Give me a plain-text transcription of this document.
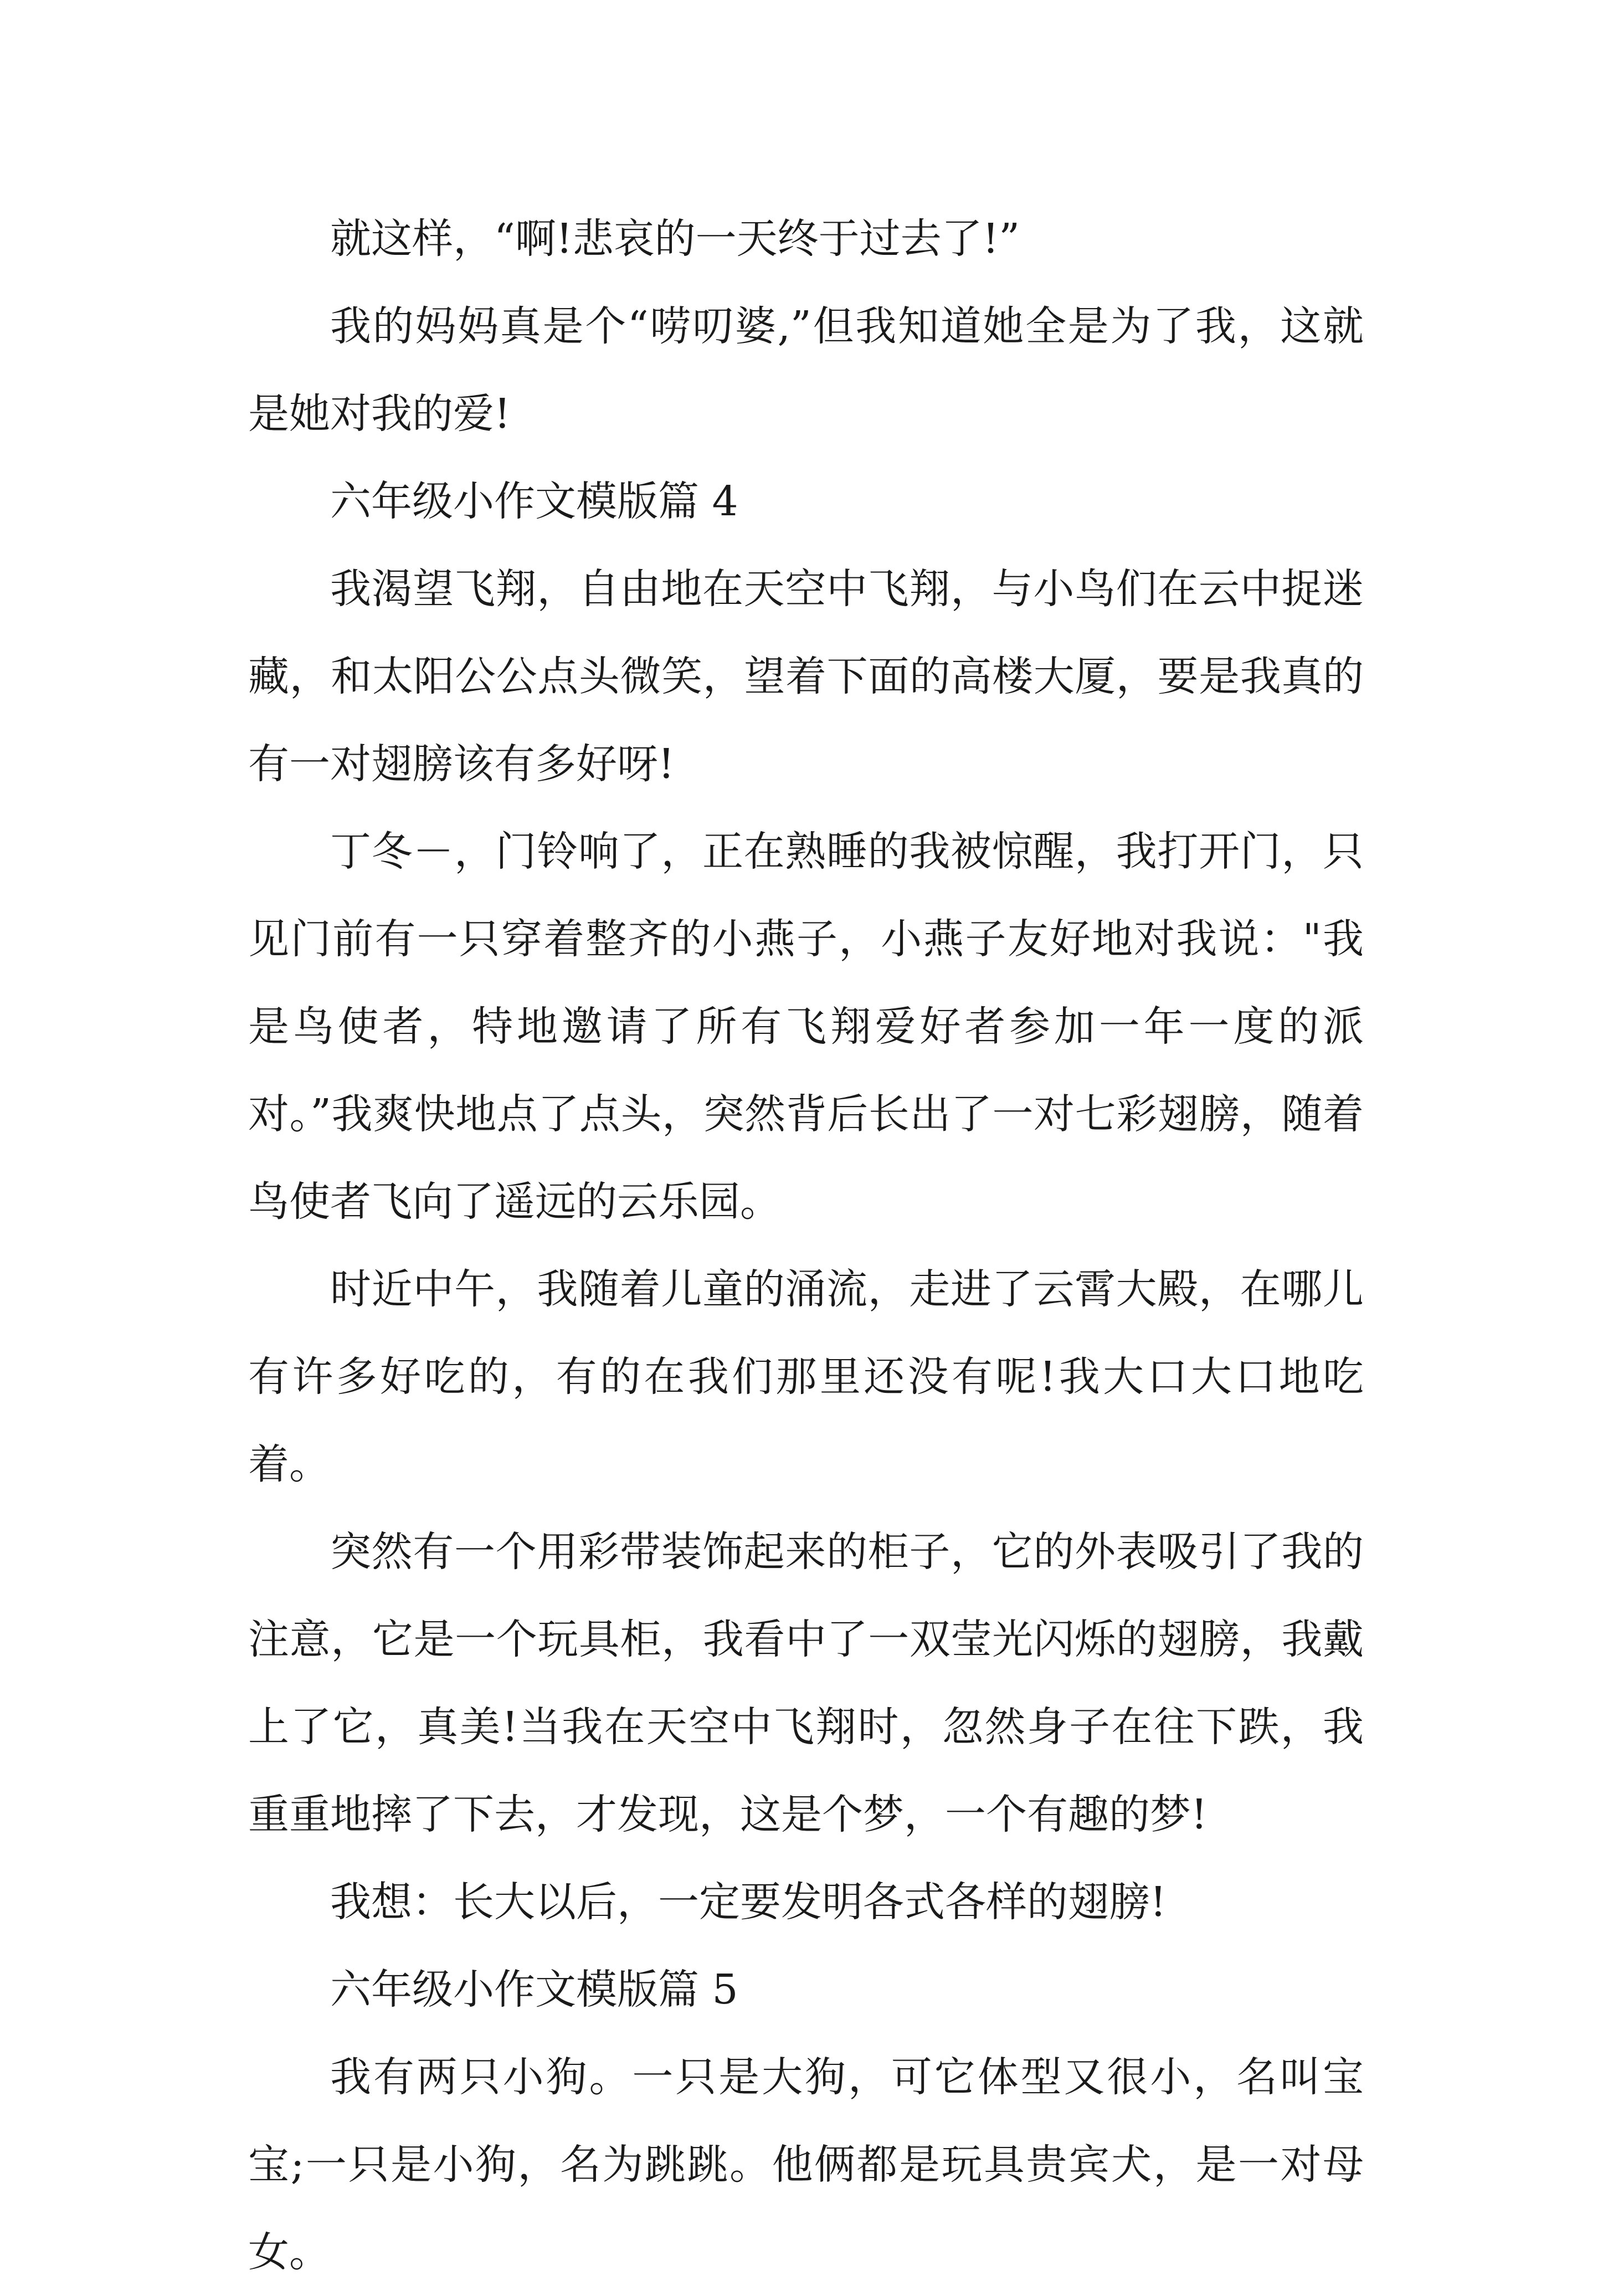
就这样，“啊!悲哀的一天终于过去了!”

我的妈妈真是个“唠叨婆,”但我知道她全是为了我，这就是她对我的爱!

六年级小作文模版篇 4

我渴望飞翔，自由地在天空中飞翔，与小鸟们在云中捉迷藏，和太阳公公点头微笑，望着下面的高楼大厦，要是我真的有一对翅膀该有多好呀!

丁冬－，门铃响了，正在熟睡的我被惊醒，我打开门，只见门前有一只穿着整齐的小燕子，小燕子友好地对我说："我是鸟使者，特地邀请了所有飞翔爱好者参加一年一度的派对。”我爽快地点了点头，突然背后长出了一对七彩翅膀，随着鸟使者飞向了遥远的云乐园。

时近中午，我随着儿童的涌流，走进了云霄大殿，在哪儿有许多好吃的，有的在我们那里还没有呢!我大口大口地吃着。

突然有一个用彩带装饰起来的柜子，它的外表吸引了我的注意，它是一个玩具柜，我看中了一双莹光闪烁的翅膀，我戴上了它，真美!当我在天空中飞翔时，忽然身子在往下跌，我重重地摔了下去，才发现，这是个梦，一个有趣的梦!

我想：长大以后，一定要发明各式各样的翅膀!

六年级小作文模版篇 5

我有两只小狗。一只是大狗，可它体型又很小，名叫宝宝;一只是小狗，名为跳跳。他俩都是玩具贵宾犬，是一对母女。
